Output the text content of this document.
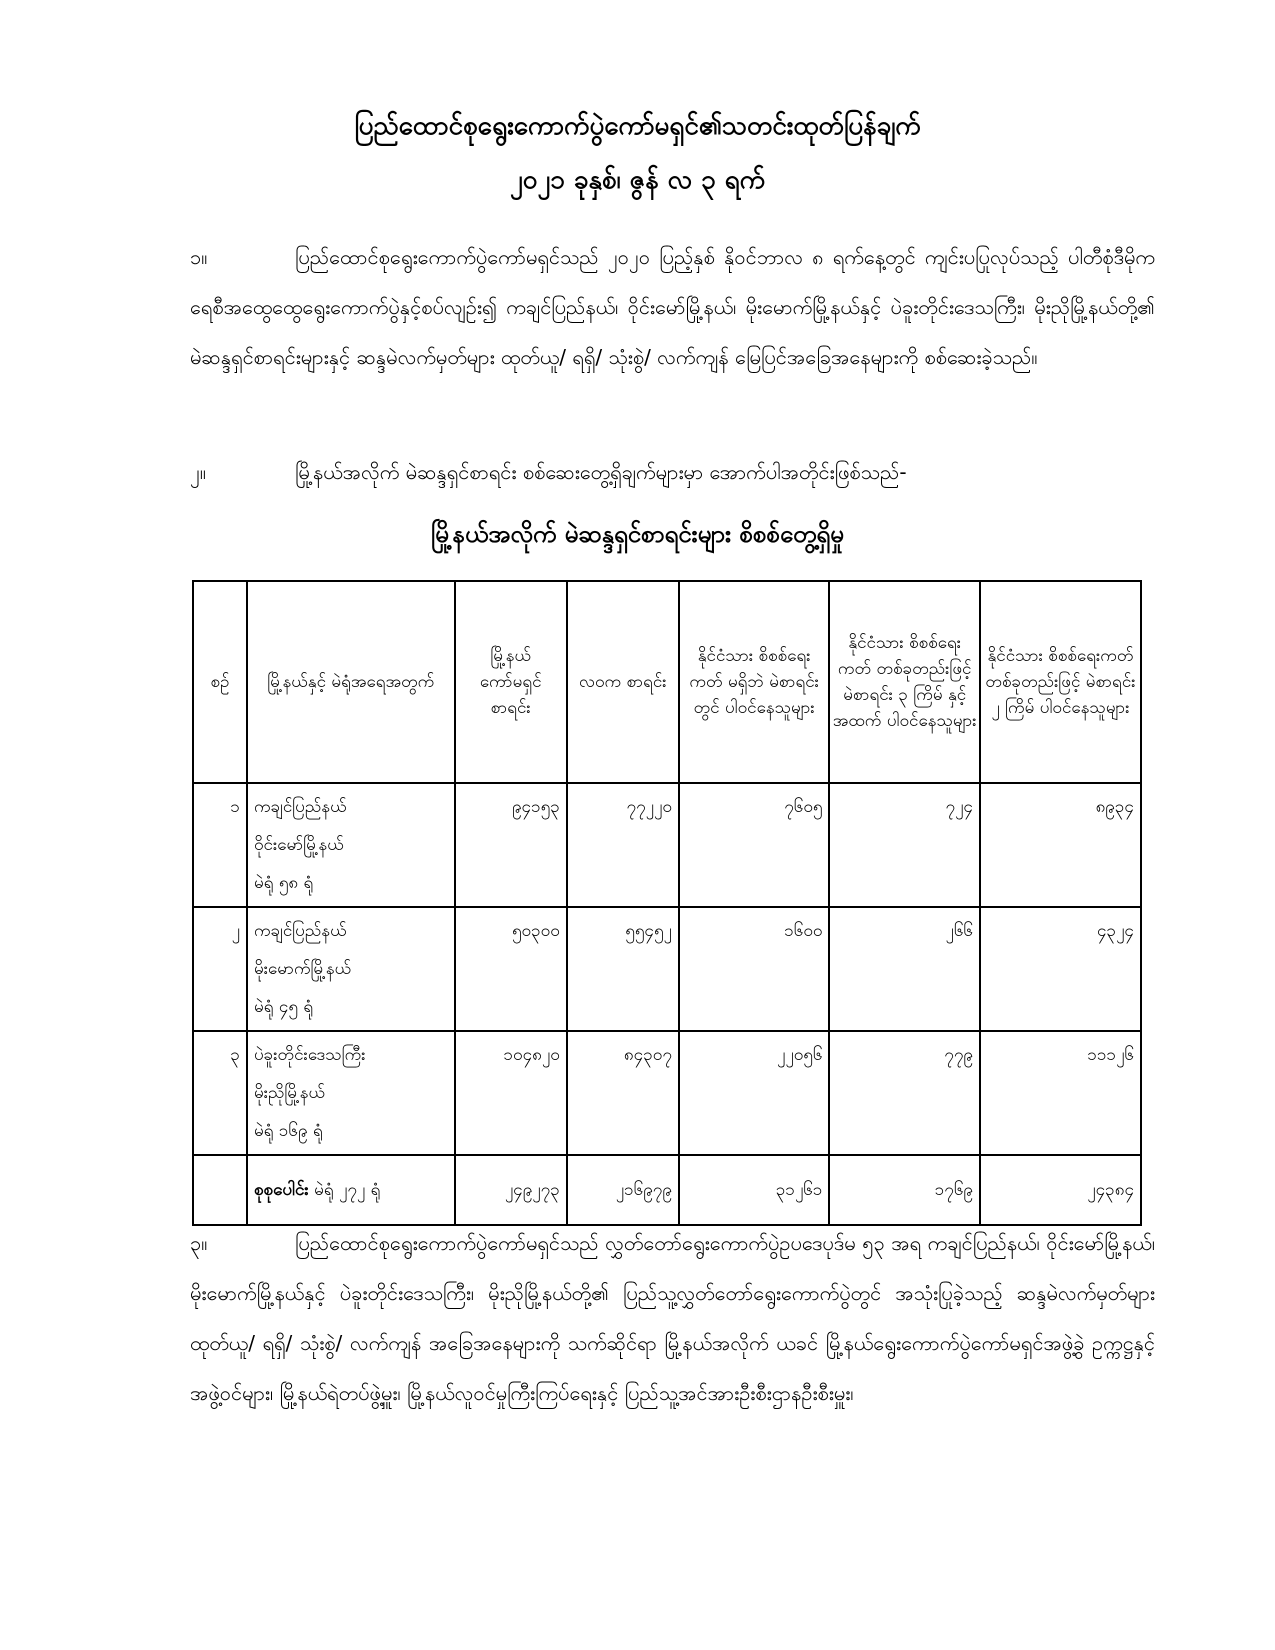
ပြည်ထောင်စုရွေးကောက်ပွဲကော်မရှင်၏သတင်းထုတ်ပြန်ချက်
၂၀၂၁ ခုနှစ်၊ ဇွန် လ ၃ ရက်
၁။	ပြည်ထောင်စုရွေးကောက်ပွဲကော်မရှင်သည် ၂၀၂၀ ပြည့်နှစ် နိုဝင်ဘာလ ၈ ရက်နေ့တွင် ကျင်းပပြုလုပ်သည့် ပါတီစုံဒီမိုကရေစီအထွေထွေရွေးကောက်ပွဲနှင့်စပ်လျဉ်း၍ ကချင်ပြည်နယ်၊ ဝိုင်းမော်မြို့နယ်၊ မိုးမောက်မြို့နယ်နှင့် ပဲခူးတိုင်းဒေသကြီး၊ မိုးညိုမြို့နယ်တို့၏ မဲဆန္ဒရှင်စာရင်းများနှင့် ဆန္ဒမဲလက်မှတ်များ ထုတ်ယူ/ ရရှိ/ သုံးစွဲ/ လက်ကျန် မြေပြင်အခြေအနေများကို စစ်ဆေးခဲ့သည်။
၂။	မြို့နယ်အလိုက် မဲဆန္ဒရှင်စာရင်း စစ်ဆေးတွေ့ရှိချက်များမှာ အောက်ပါအတိုင်းဖြစ်သည်-
မြို့နယ်အလိုက် မဲဆန္ဒရှင်စာရင်းများ စိစစ်တွေ့ရှိမှု
စဉ်	မြို့နယ်နှင့် မဲရုံအရေအတွက်	မြို့နယ် ကော်မရှင် စာရင်း	လဝက စာရင်း	နိုင်ငံသား စိစစ်ရေးကတ် မရှိဘဲ မဲစာရင်းတွင် ပါဝင်နေသူများ	နိုင်ငံသား စိစစ်ရေးကတ် တစ်ခုတည်းဖြင့် မဲစာရင်း ၃ ကြိမ် နှင့် အထက် ပါဝင်နေသူများ	နိုင်ငံသား စိစစ်ရေးကတ် တစ်ခုတည်းဖြင့် မဲစာရင်း ၂ ကြိမ် ပါဝင်နေသူများ
၁	ကချင်ပြည်နယ်
ဝိုင်းမော်မြို့နယ်
မဲရုံ ၅၈ ရုံ	၉၄၁၅၃	၇၇၂၂၀	၇၆၀၅	၇၂၄	၈၉၃၄
၂	ကချင်ပြည်နယ်
မိုးမောက်မြို့နယ်
မဲရုံ ၄၅ ရုံ	၅၀၃၀၀	၅၅၄၅၂	၁၆၀၀	၂၆၆	၄၃၂၄
၃	ပဲခူးတိုင်းဒေသကြီး
မိုးညိုမြို့နယ်
မဲရုံ ၁၆၉ ရုံ	၁၀၄၈၂၀	၈၄၃၀၇	၂၂၀၅၆	၇၇၉	၁၁၁၂၆
	စုစုပေါင်း မဲရုံ ၂၇၂ ရုံ	၂၄၉၂၇၃	၂၁၆၉၇၉	၃၁၂၆၁	၁၇၆၉	၂၄၃၈၄
၃။	ပြည်ထောင်စုရွေးကောက်ပွဲကော်မရှင်သည် လွှတ်တော်ရွေးကောက်ပွဲဥပဒေပုဒ်မ ၅၃ အရ ကချင်ပြည်နယ်၊ ဝိုင်းမော်မြို့နယ်၊ မိုးမောက်မြို့နယ်နှင့် ပဲခူးတိုင်းဒေသကြီး၊ မိုးညိုမြို့နယ်တို့၏ ပြည်သူ့လွှတ်တော်ရွေးကောက်ပွဲတွင် အသုံးပြုခဲ့သည့် ဆန္ဒမဲလက်မှတ်များ ထုတ်ယူ/ ရရှိ/ သုံးစွဲ/ လက်ကျန် အခြေအနေများကို သက်ဆိုင်ရာ မြို့နယ်အလိုက် ယခင် မြို့နယ်ရွေးကောက်ပွဲကော်မရှင်အဖွဲ့ခွဲ ဥက္ကဋ္ဌနှင့် အဖွဲ့ဝင်များ၊ မြို့နယ်ရဲတပ်ဖွဲ့မှူး၊ မြို့နယ်လူဝင်မှုကြီးကြပ်ရေးနှင့် ပြည်သူ့အင်အားဦးစီးဌာနဦးစီးမှူး၊
